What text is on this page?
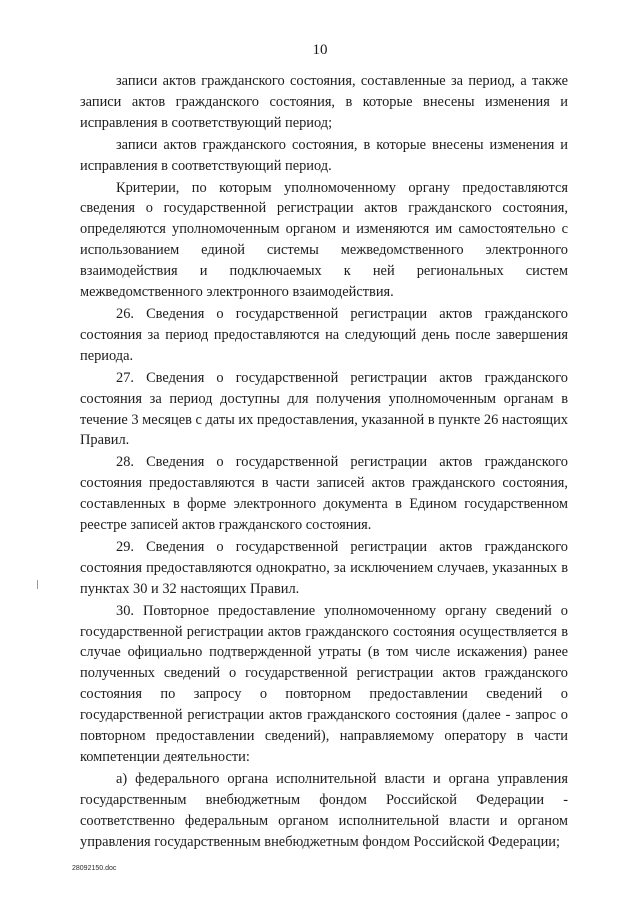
10

записи актов гражданского состояния, составленные за период, а также записи актов гражданского состояния, в которые внесены изменения и исправления в соответствующий период;

записи актов гражданского состояния, в которые внесены изменения и исправления в соответствующий период.

Критерии, по которым уполномоченному органу предоставляются сведения о государственной регистрации актов гражданского состояния, определяются уполномоченным органом и изменяются им самостоятельно с использованием единой системы межведомственного электронного взаимодействия и подключаемых к ней региональных систем межведомственного электронного взаимодействия.

26. Сведения о государственной регистрации актов гражданского состояния за период предоставляются на следующий день после завершения периода.

27. Сведения о государственной регистрации актов гражданского состояния за период доступны для получения уполномоченным органам в течение 3 месяцев с даты их предоставления, указанной в пункте 26 настоящих Правил.

28. Сведения о государственной регистрации актов гражданского состояния предоставляются в части записей актов гражданского состояния, составленных в форме электронного документа в Едином государственном реестре записей актов гражданского состояния.

29. Сведения о государственной регистрации актов гражданского состояния предоставляются однократно, за исключением случаев, указанных в пунктах 30 и 32 настоящих Правил.

30. Повторное предоставление уполномоченному органу сведений о государственной регистрации актов гражданского состояния осуществляется в случае официально подтвержденной утраты (в том числе искажения) ранее полученных сведений о государственной регистрации актов гражданского состояния по запросу о повторном предоставлении сведений о государственной регистрации актов гражданского состояния (далее - запрос о повторном предоставлении сведений), направляемому оператору в части компетенции деятельности:

а) федерального органа исполнительной власти и органа управления государственным внебюджетным фондом Российской Федерации - соответственно федеральным органом исполнительной власти и органом управления государственным внебюджетным фондом Российской Федерации;

28092150.doc
